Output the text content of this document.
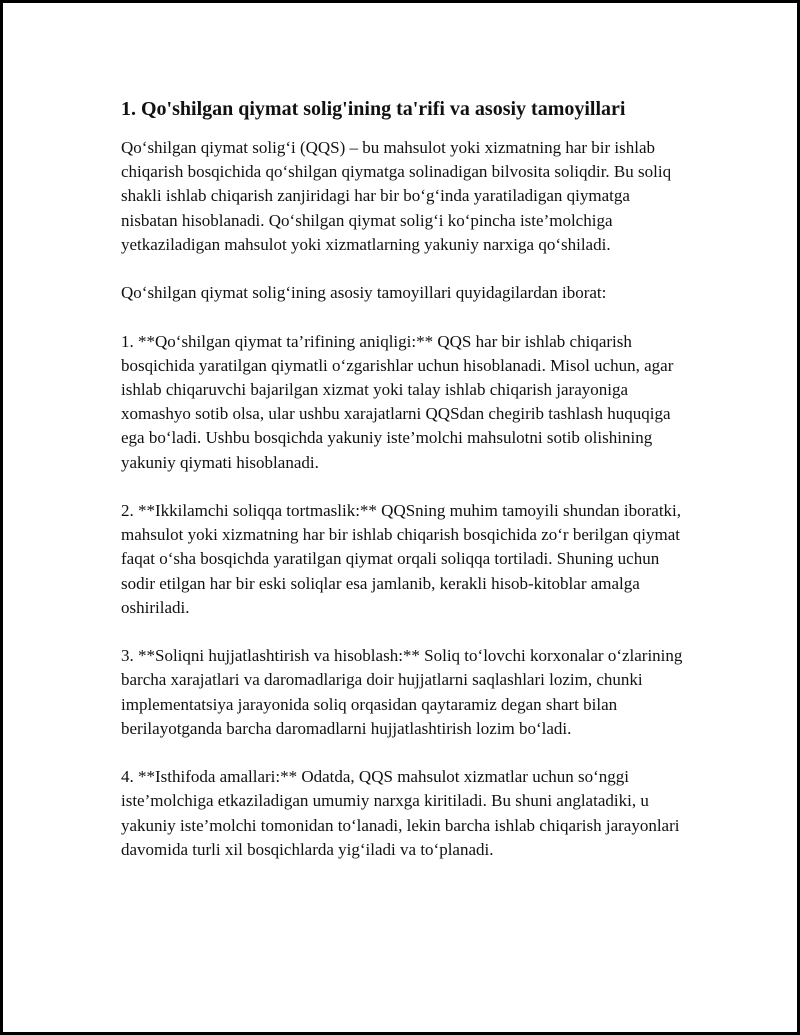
1. Qo'shilgan qiymat solig'ining ta'rifi va asosiy tamoyillari

Qo‘shilgan qiymat solig‘i (QQS) – bu mahsulot yoki xizmatning har bir ishlab chiqarish bosqichida qo‘shilgan qiymatga solinadigan bilvosita soliqdir. Bu soliq shakli ishlab chiqarish zanjiridagi har bir bo‘g‘inda yaratiladigan qiymatga nisbatan hisoblanadi. Qo‘shilgan qiymat solig‘i ko‘pincha iste’molchiga yetkaziladigan mahsulot yoki xizmatlarning yakuniy narxiga qo‘shiladi.

Qo‘shilgan qiymat solig‘ining asosiy tamoyillari quyidagilardan iborat:

1. **Qo‘shilgan qiymat ta’rifining aniqligi:** QQS har bir ishlab chiqarish bosqichida yaratilgan qiymatli o‘zgarishlar uchun hisoblanadi. Misol uchun, agar ishlab chiqaruvchi bajarilgan xizmat yoki talay ishlab chiqarish jarayoniga xomashyo sotib olsa, ular ushbu xarajatlarni QQSdan chegirib tashlash huquqiga ega bo‘ladi. Ushbu bosqichda yakuniy iste’molchi mahsulotni sotib olishining yakuniy qiymati hisoblanadi.

2. **Ikkilamchi soliqqa tortmaslik:** QQSning muhim tamoyili shundan iboratki, mahsulot yoki xizmatning har bir ishlab chiqarish bosqichida zo‘r berilgan qiymat faqat o‘sha bosqichda yaratilgan qiymat orqali soliqqa tortiladi. Shuning uchun sodir etilgan har bir eski soliqlar esa jamlanib, kerakli hisob-kitoblar amalga oshiriladi.

3. **Soliqni hujjatlashtirish va hisoblash:** Soliq to‘lovchi korxonalar o‘zlarining barcha xarajatlari va daromadlariga doir hujjatlarni saqlashlari lozim, chunki implementatsiya jarayonida soliq orqasidan qaytaramiz degan shart bilan berilayotganda barcha daromadlarni hujjatlashtirish lozim bo‘ladi.

4. **Isthifoda amallari:** Odatda, QQS mahsulot xizmatlar uchun so‘nggi iste’molchiga etkaziladigan umumiy narxga kiritiladi. Bu shuni anglatadiki, u yakuniy iste’molchi tomonidan to‘lanadi, lekin barcha ishlab chiqarish jarayonlari davomida turli xil bosqichlarda yig‘iladi va to‘planadi.
